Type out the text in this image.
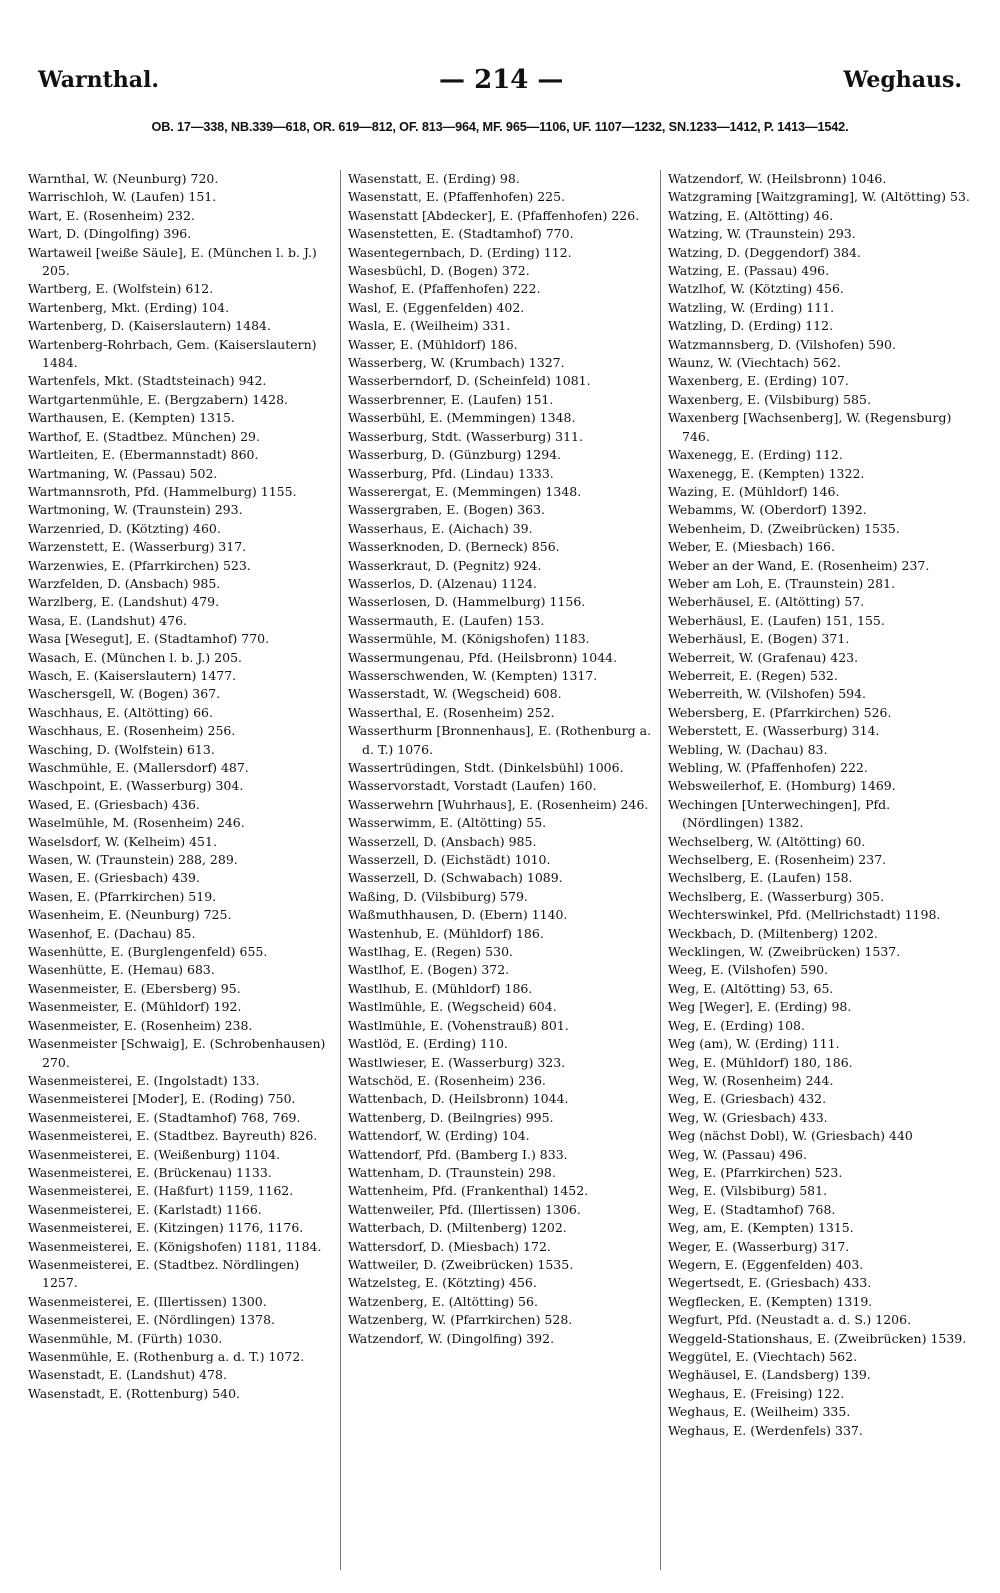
Warnthal.	— 214 —	Weghaus.
OB. 17—338, NB.339—618, OR. 619—812, OF. 813—964, MF. 965—1106, UF. 1107—1232, SN.1233—1412, P. 1413—1542.
Warnthal, W. (Neunburg) 720.
Warrischloh, W. (Laufen) 151.
Wart, E. (Rosenheim) 232.
Wart, D. (Dingolfing) 396.
Wartaweil [weiße Säule], E. (München l. b. J.) 205.
Wartberg, E. (Wolfstein) 612.
Wartenberg, Mkt. (Erding) 104.
Wartenberg, D. (Kaiserslautern) 1484.
Wartenberg-Rohrbach, Gem. (Kaiserslautern) 1484.
Wartenfels, Mkt. (Stadtsteinach) 942.
Wartgartenmühle, E. (Bergzabern) 1428.
Warthausen, E. (Kempten) 1315.
Warthof, E. (Stadtbez. München) 29.
Wartleiten, E. (Ebermannstadt) 860.
Wartmaning, W. (Passau) 502.
Wartmannsroth, Pfd. (Hammelburg) 1155.
Wartmoning, W. (Traunstein) 293.
Warzenried, D. (Kötzting) 460.
Warzenstett, E. (Wasserburg) 317.
Warzenwies, E. (Pfarrkirchen) 523.
Warzfelden, D. (Ansbach) 985.
Warzlberg, E. (Landshut) 479.
Wasa, E. (Landshut) 476.
Wasa [Wesegut], E. (Stadtamhof) 770.
Wasach, E. (München l. b. J.) 205.
Wasch, E. (Kaiserslautern) 1477.
Waschersgell, W. (Bogen) 367.
Waschhaus, E. (Altötting) 66.
Waschhaus, E. (Rosenheim) 256.
Wasching, D. (Wolfstein) 613.
Waschmühle, E. (Mallersdorf) 487.
Waschpoint, E. (Wasserburg) 304.
Wased, E. (Griesbach) 436.
Waselmühle, M. (Rosenheim) 246.
Waselsdorf, W. (Kelheim) 451.
Wasen, W. (Traunstein) 288, 289.
Wasen, E. (Griesbach) 439.
Wasen, E. (Pfarrkirchen) 519.
Wasenheim, E. (Neunburg) 725.
Wasenhof, E. (Dachau) 85.
Wasenhütte, E. (Burglengenfeld) 655.
Wasenhütte, E. (Hemau) 683.
Wasenmeister, E. (Ebersberg) 95.
Wasenmeister, E. (Mühldorf) 192.
Wasenmeister, E. (Rosenheim) 238.
Wasenmeister [Schwaig], E. (Schrobenhausen) 270.
Wasenmeisterei, E. (Ingolstadt) 133.
Wasenmeisterei [Moder], E. (Roding) 750.
Wasenmeisterei, E. (Stadtamhof) 768, 769.
Wasenmeisterei, E. (Stadtbez. Bayreuth) 826.
Wasenmeisterei, E. (Weißenburg) 1104.
Wasenmeisterei, E. (Brückenau) 1133.
Wasenmeisterei, E. (Haßfurt) 1159, 1162.
Wasenmeisterei, E. (Karlstadt) 1166.
Wasenmeisterei, E. (Kitzingen) 1176, 1176.
Wasenmeisterei, E. (Königshofen) 1181, 1184.
Wasenmeisterei, E. (Stadtbez. Nördlingen) 1257.
Wasenmeisterei, E. (Illertissen) 1300.
Wasenmeisterei, E. (Nördlingen) 1378.
Wasenmühle, M. (Fürth) 1030.
Wasenmühle, E. (Rothenburg a. d. T.) 1072.
Wasenstadt, E. (Landshut) 478.
Wasenstadt, E. (Rottenburg) 540.
Wasenstatt, E. (Erding) 98.
Wasenstatt, E. (Pfaffenhofen) 225.
Wasenstatt [Abdecker], E. (Pfaffenhofen) 226.
Wasenstetten, E. (Stadtamhof) 770.
Wasentegernbach, D. (Erding) 112.
Wasesbüchl, D. (Bogen) 372.
Washof, E. (Pfaffenhofen) 222.
Wasl, E. (Eggenfelden) 402.
Wasla, E. (Weilheim) 331.
Wasser, E. (Mühldorf) 186.
Wasserberg, W. (Krumbach) 1327.
Wasserberndorf, D. (Scheinfeld) 1081.
Wasserbrenner, E. (Laufen) 151.
Wasserbühl, E. (Memmingen) 1348.
Wasserburg, Stdt. (Wasserburg) 311.
Wasserburg, D. (Günzburg) 1294.
Wasserburg, Pfd. (Lindau) 1333.
Wasserergat, E. (Memmingen) 1348.
Wassergraben, E. (Bogen) 363.
Wasserhaus, E. (Aichach) 39.
Wasserknoden, D. (Berneck) 856.
Wasserkraut, D. (Pegnitz) 924.
Wasserlos, D. (Alzenau) 1124.
Wasserlosen, D. (Hammelburg) 1156.
Wassermauth, E. (Laufen) 153.
Wassermühle, M. (Königshofen) 1183.
Wassermungenau, Pfd. (Heilsbronn) 1044.
Wasserschwenden, W. (Kempten) 1317.
Wasserstadt, W. (Wegscheid) 608.
Wasserthal, E. (Rosenheim) 252.
Wasserthurm [Bronnenhaus], E. (Rothenburg a. d. T.) 1076.
Wassertrüdingen, Stdt. (Dinkelsbühl) 1006.
Wasservorstadt, Vorstadt (Laufen) 160.
Wasserwehrn [Wuhrhaus], E. (Rosenheim) 246.
Wasserwimm, E. (Altötting) 55.
Wasserzell, D. (Ansbach) 985.
Wasserzell, D. (Eichstädt) 1010.
Wasserzell, D. (Schwabach) 1089.
Waßing, D. (Vilsbiburg) 579.
Waßmuthhausen, D. (Ebern) 1140.
Wastenhub, E. (Mühldorf) 186.
Wastlhag, E. (Regen) 530.
Wastlhof, E. (Bogen) 372.
Wastlhub, E. (Mühldorf) 186.
Wastlmühle, E. (Wegscheid) 604.
Wastlmühle, E. (Vohenstrauß) 801.
Wastlöd, E. (Erding) 110.
Wastlwieser, E. (Wasserburg) 323.
Watschöd, E. (Rosenheim) 236.
Wattenbach, D. (Heilsbronn) 1044.
Wattenberg, D. (Beilngries) 995.
Wattendorf, W. (Erding) 104.
Wattendorf, Pfd. (Bamberg I.) 833.
Wattenham, D. (Traunstein) 298.
Wattenheim, Pfd. (Frankenthal) 1452.
Wattenweiler, Pfd. (Illertissen) 1306.
Watterbach, D. (Miltenberg) 1202.
Wattersdorf, D. (Miesbach) 172.
Wattweiler, D. (Zweibrücken) 1535.
Watzelsteg, E. (Kötzting) 456.
Watzenberg, E. (Altötting) 56.
Watzenberg, W. (Pfarrkirchen) 528.
Watzendorf, W. (Dingolfing) 392.
Watzendorf, W. (Heilsbronn) 1046.
Watzgraming [Waitzgraming], W. (Altötting) 53.
Watzing, E. (Altötting) 46.
Watzing, W. (Traunstein) 293.
Watzing, D. (Deggendorf) 384.
Watzing, E. (Passau) 496.
Watzlhof, W. (Kötzting) 456.
Watzling, W. (Erding) 111.
Watzling, D. (Erding) 112.
Watzmannsberg, D. (Vilshofen) 590.
Waunz, W. (Viechtach) 562.
Waxenberg, E. (Erding) 107.
Waxenberg, E. (Vilsbiburg) 585.
Waxenberg [Wachsenberg], W. (Regensburg) 746.
Waxenegg, E. (Erding) 112.
Waxenegg, E. (Kempten) 1322.
Wazing, E. (Mühldorf) 146.
Webamms, W. (Oberdorf) 1392.
Webenheim, D. (Zweibrücken) 1535.
Weber, E. (Miesbach) 166.
Weber an der Wand, E. (Rosenheim) 237.
Weber am Loh, E. (Traunstein) 281.
Weberhäusel, E. (Altötting) 57.
Weberhäusl, E. (Laufen) 151, 155.
Weberhäusl, E. (Bogen) 371.
Weberreit, W. (Grafenau) 423.
Weberreit, E. (Regen) 532.
Weberreith, W. (Vilshofen) 594.
Webersberg, E. (Pfarrkirchen) 526.
Weberstett, E. (Wasserburg) 314.
Webling, W. (Dachau) 83.
Webling, W. (Pfaffenhofen) 222.
Websweilerhof, E. (Homburg) 1469.
Wechingen [Unterwechingen], Pfd. (Nördlingen) 1382.
Wechselberg, W. (Altötting) 60.
Wechselberg, E. (Rosenheim) 237.
Wechslberg, E. (Laufen) 158.
Wechslberg, E. (Wasserburg) 305.
Wechterswinkel, Pfd. (Mellrichstadt) 1198.
Weckbach, D. (Miltenberg) 1202.
Wecklingen, W. (Zweibrücken) 1537.
Weeg, E. (Vilshofen) 590.
Weg, E. (Altötting) 53, 65.
Weg [Weger], E. (Erding) 98.
Weg, E. (Erding) 108.
Weg (am), W. (Erding) 111.
Weg, E. (Mühldorf) 180, 186.
Weg, W. (Rosenheim) 244.
Weg, E. (Griesbach) 432.
Weg, W. (Griesbach) 433.
Weg (nächst Dobl), W. (Griesbach) 440
Weg, W. (Passau) 496.
Weg, E. (Pfarrkirchen) 523.
Weg, E. (Vilsbiburg) 581.
Weg, E. (Stadtamhof) 768.
Weg, am, E. (Kempten) 1315.
Weger, E. (Wasserburg) 317.
Wegern, E. (Eggenfelden) 403.
Wegertsedt, E. (Griesbach) 433.
Wegflecken, E. (Kempten) 1319.
Wegfurt, Pfd. (Neustadt a. d. S.) 1206.
Weggeld-Stationshaus, E. (Zweibrücken) 1539.
Weggütel, E. (Viechtach) 562.
Weghäusel, E. (Landsberg) 139.
Weghaus, E. (Freising) 122.
Weghaus, E. (Weilheim) 335.
Weghaus, E. (Werdenfels) 337.
